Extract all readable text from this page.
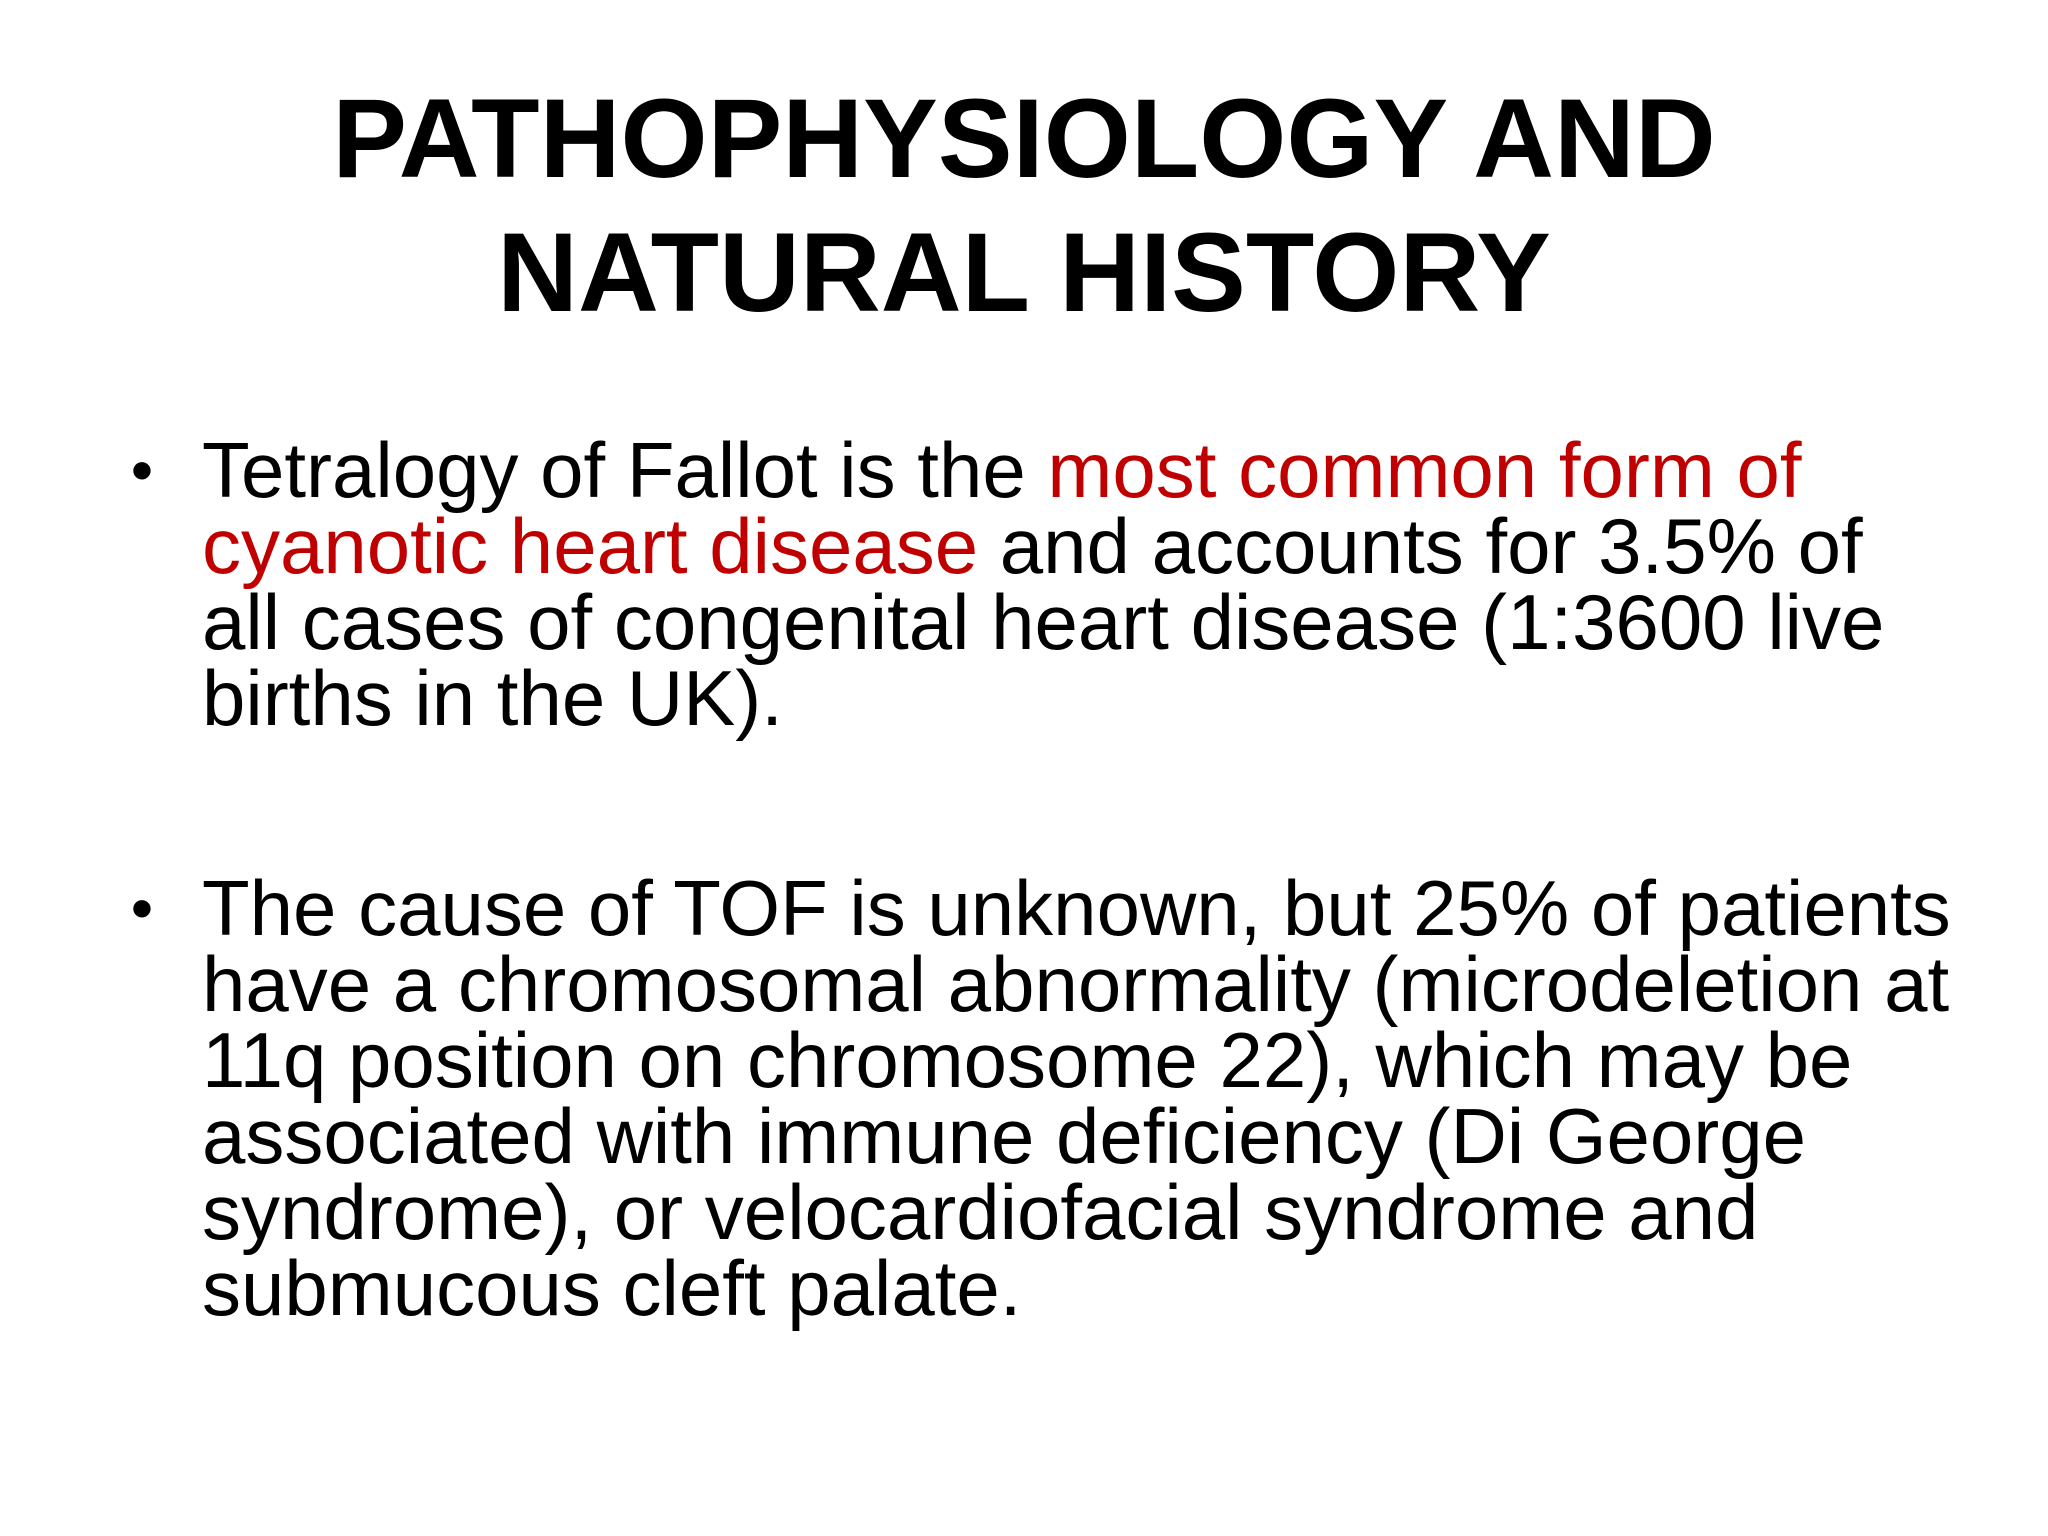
PATHOPHYSIOLOGY AND
NATURAL HISTORY
• Tetralogy of Fallot is the most common form of cyanotic heart disease and accounts for 3.5% of all cases of congenital heart disease (1:3600 live births in the UK).
• The cause of TOF is unknown, but 25% of patients have a chromosomal abnormality (microdeletion at 11q position on chromosome 22), which may be associated with immune deficiency (Di George syndrome), or velocardiofacial syndrome and submucous cleft palate.
